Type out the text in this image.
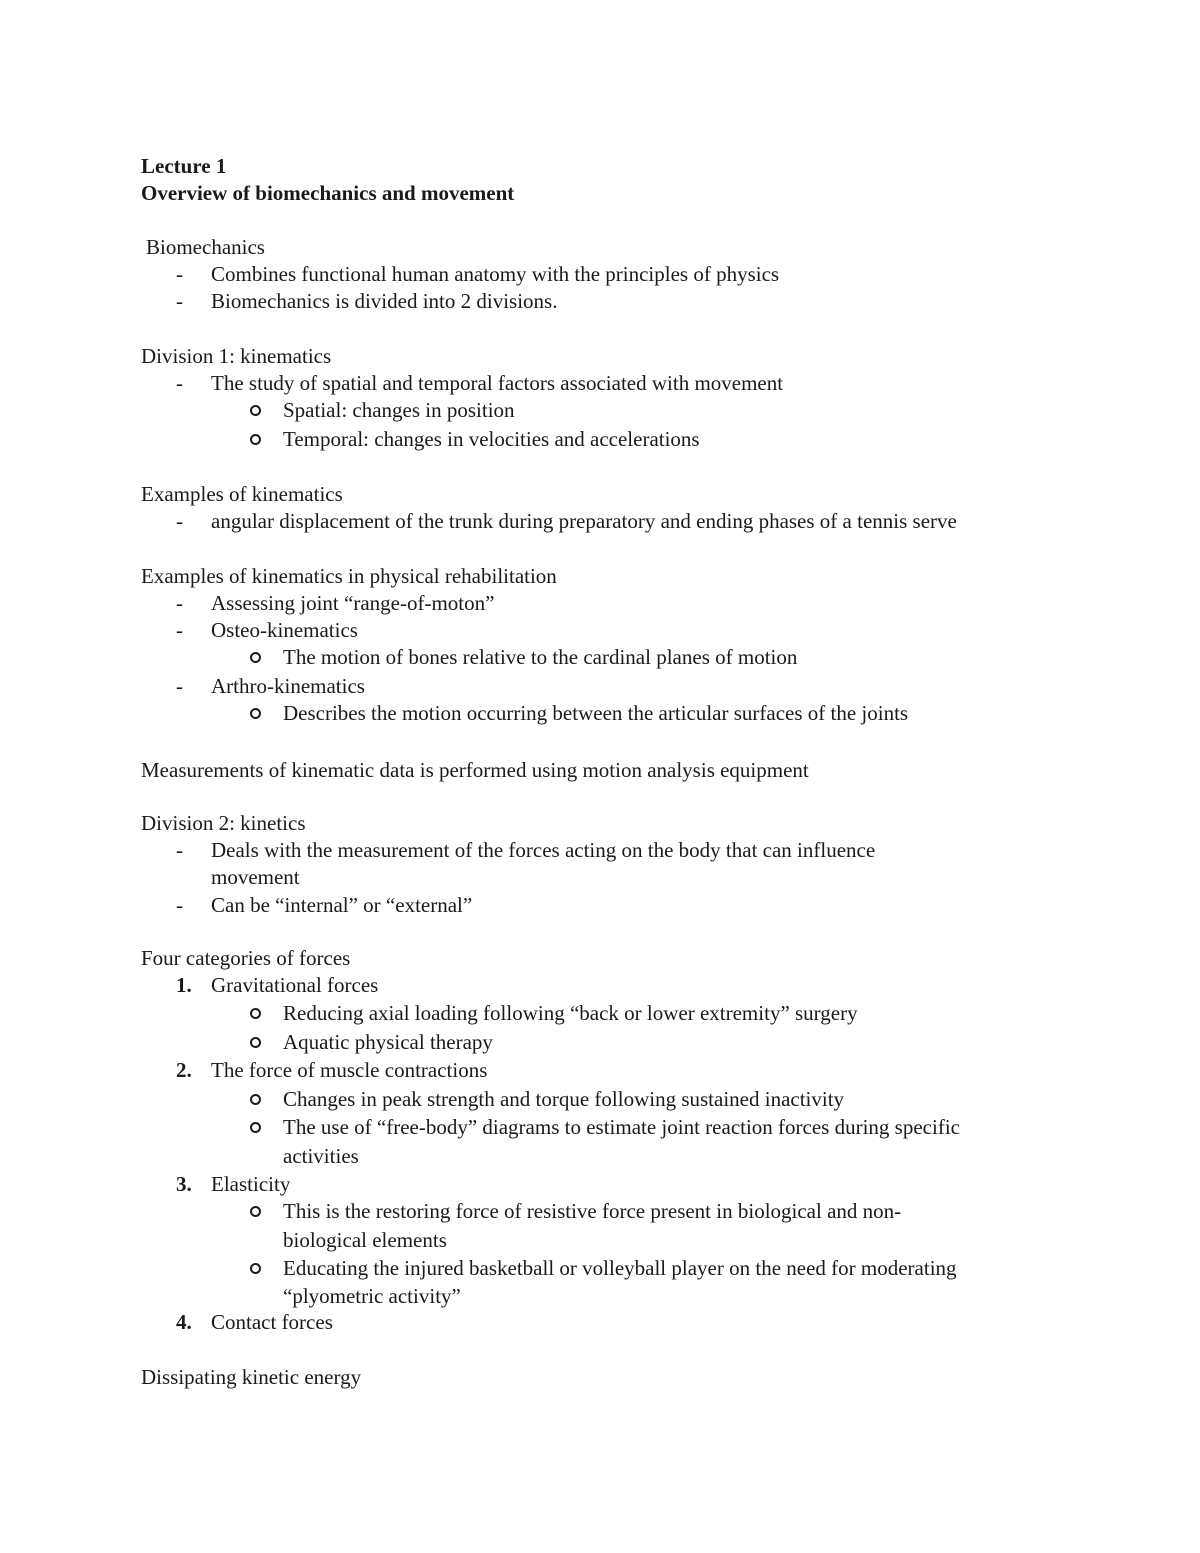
Lecture 1
Overview of biomechanics and movement
Biomechanics
- Combines functional human anatomy with the principles of physics
- Biomechanics is divided into 2 divisions.
Division 1: kinematics
- The study of spatial and temporal factors associated with movement
Spatial: changes in position
Temporal: changes in velocities and accelerations
Examples of kinematics
- angular displacement of the trunk during preparatory and ending phases of a tennis serve
Examples of kinematics in physical rehabilitation
- Assessing joint “range-of-moton”
- Osteo-kinematics
The motion of bones relative to the cardinal planes of motion
- Arthro-kinematics
Describes the motion occurring between the articular surfaces of the joints
Measurements of kinematic data is performed using motion analysis equipment
Division 2: kinetics
- Deals with the measurement of the forces acting on the body that can influence
movement
- Can be “internal” or “external”
Four categories of forces
1. Gravitational forces
Reducing axial loading following “back or lower extremity” surgery
Aquatic physical therapy
2. The force of muscle contractions
Changes in peak strength and torque following sustained inactivity
The use of “free-body” diagrams to estimate joint reaction forces during specific
activities
3. Elasticity
This is the restoring force of resistive force present in biological and non-
biological elements
Educating the injured basketball or volleyball player on the need for moderating
“plyometric activity”
4. Contact forces
Dissipating kinetic energy
